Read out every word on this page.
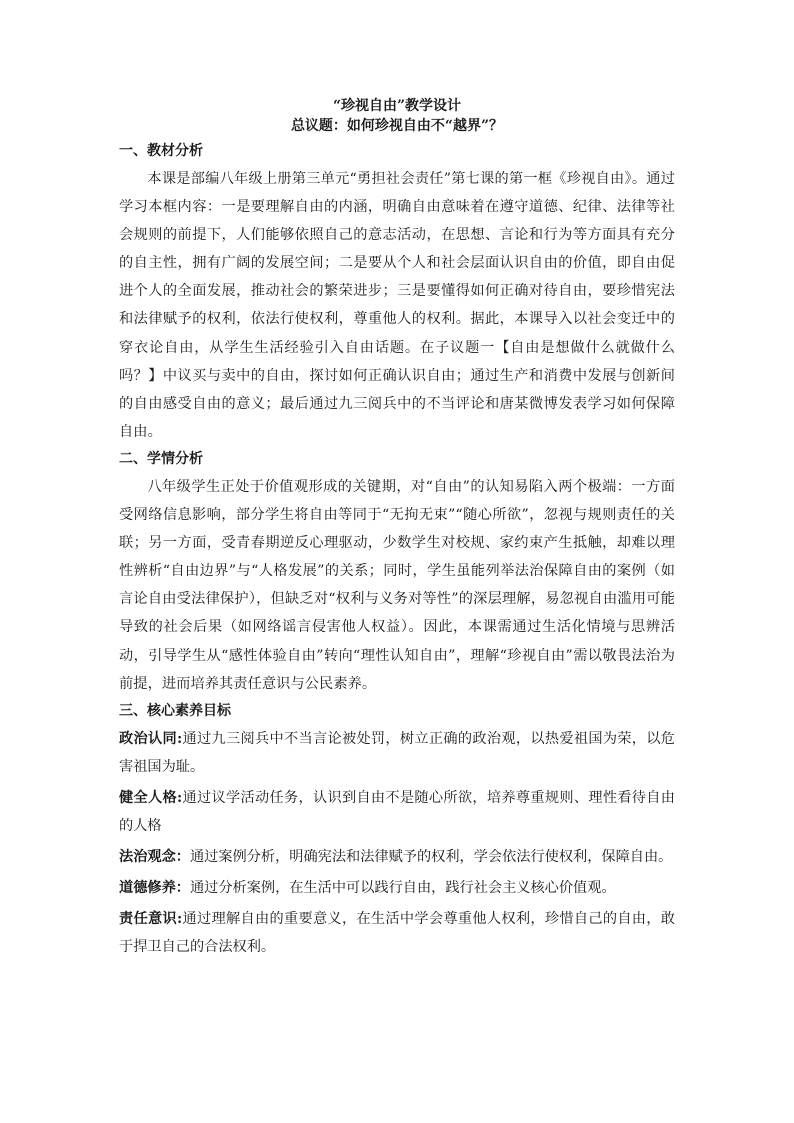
“珍视自由”教学设计
总议题：如何珍视自由不“越界”？
一、教材分析

本课是部编八年级上册第三单元“勇担社会责任”第七课的第一框《珍视自由》。通过学习本框内容：一是要理解自由的内涵，明确自由意味着在遵守道德、纪律、法律等社会规则的前提下，人们能够依照自己的意志活动，在思想、言论和行为等方面具有充分的自主性，拥有广阔的发展空间；二是要从个人和社会层面认识自由的价值，即自由促进个人的全面发展，推动社会的繁荣进步；三是要懂得如何正确对待自由，要珍惜宪法和法律赋予的权利，依法行使权利，尊重他人的权利。据此，本课导入以社会变迁中的穿衣论自由，从学生生活经验引入自由话题。在子议题一【自由是想做什么就做什么吗？】中议买与卖中的自由，探讨如何正确认识自由；通过生产和消费中发展与创新间的自由感受自由的意义；最后通过九三阅兵中的不当评论和唐某微博发表学习如何保障自由。

二、学情分析

八年级学生正处于价值观形成的关键期，对“自由”的认知易陷入两个极端：一方面受网络信息影响，部分学生将自由等同于“无拘无束”“随心所欲”，忽视与规则责任的关联；另一方面，受青春期逆反心理驱动，少数学生对校规、家约束产生抵触，却难以理性辨析“自由边界”与“人格发展”的关系；同时，学生虽能列举法治保障自由的案例（如言论自由受法律保护），但缺乏对“权利与义务对等性”的深层理解，易忽视自由滥用可能导致的社会后果（如网络谣言侵害他人权益）。因此，本课需通过生活化情境与思辨活动，引导学生从“感性体验自由”转向“理性认知自由”，理解“珍视自由”需以敬畏法治为前提，进而培养其责任意识与公民素养。

三、核心素养目标

政治认同:通过九三阅兵中不当言论被处罚，树立正确的政治观，以热爱祖国为荣，以危害祖国为耻。

健全人格:通过议学活动任务，认识到自由不是随心所欲，培养尊重规则、理性看待自由的人格

法治观念：通过案例分析，明确宪法和法律赋予的权利，学会依法行使权利，保障自由。

道德修养：通过分析案例，在生活中可以践行自由，践行社会主义核心价值观。

责任意识:通过理解自由的重要意义，在生活中学会尊重他人权利，珍惜自己的自由，敢于捍卫自己的合法权利。
